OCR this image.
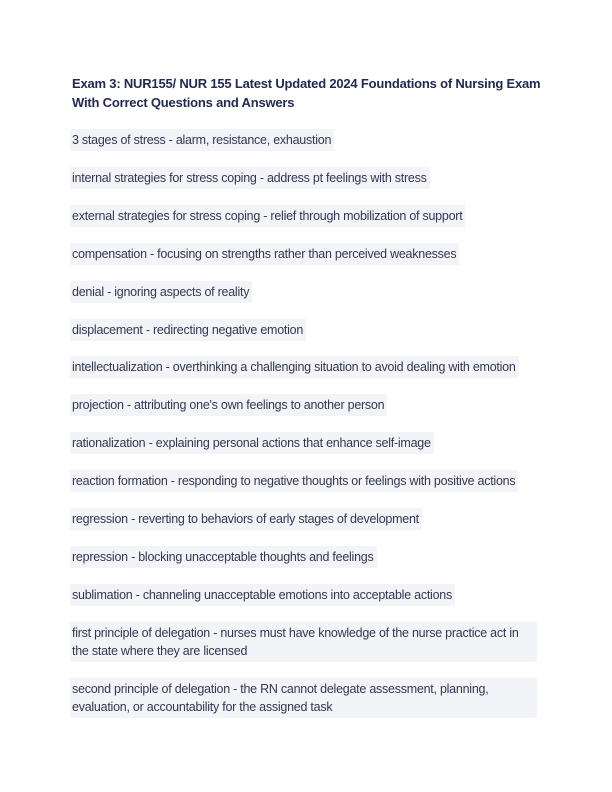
Exam 3: NUR155/ NUR 155 Latest Updated 2024 Foundations of Nursing Exam With Correct Questions and Answers
3 stages of stress - alarm, resistance, exhaustion
internal strategies for stress coping - address pt feelings with stress
external strategies for stress coping - relief through mobilization of support
compensation - focusing on strengths rather than perceived weaknesses
denial - ignoring aspects of reality
displacement - redirecting negative emotion
intellectualization - overthinking a challenging situation to avoid dealing with emotion
projection - attributing one's own feelings to another person
rationalization - explaining personal actions that enhance self-image
reaction formation - responding to negative thoughts or feelings with positive actions
regression - reverting to behaviors of early stages of development
repression - blocking unacceptable thoughts and feelings
sublimation - channeling unacceptable emotions into acceptable actions
first principle of delegation - nurses must have knowledge of the nurse practice act in the state where they are licensed
second principle of delegation - the RN cannot delegate assessment, planning, evaluation, or accountability for the assigned task
